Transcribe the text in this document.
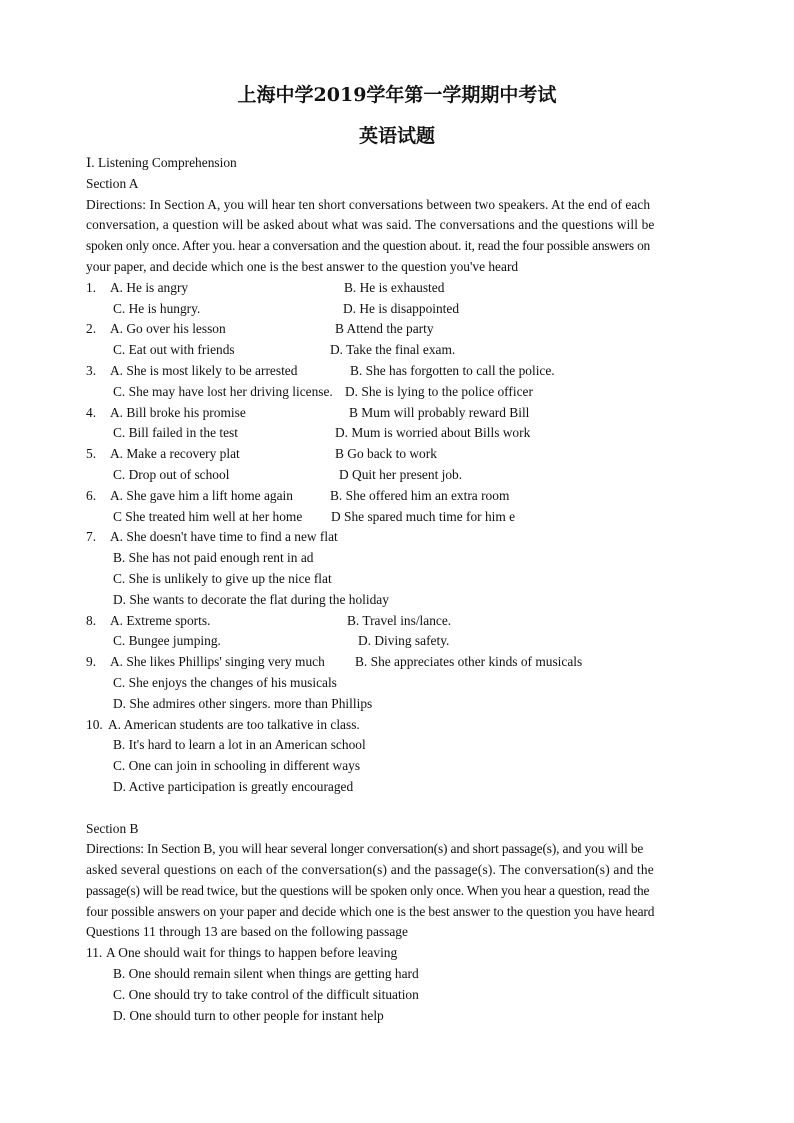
上海中学2019学年第一学期期中考试
英语试题
Ⅰ. Listening Comprehension
Section A
Directions: In Section A, you will hear ten short conversations between two speakers. At the end of each
conversation, a question will be asked about what was said. The conversations and the questions will be
spoken only once. After you. hear a conversation and the question about. it, read the four possible answers on
your paper, and decide which one is the best answer to the question you've heard
1.	A. He is angry	B. He is exhausted
C. He is hungry.	D. He is disappointed
2. A. Go over his lesson	B Attend the party
C. Eat out with friends	D. Take the final exam.
3. A. She is most likely to be arrested	B. She has forgotten to call the police.
C. She may have lost her driving license. D. She is lying to the police officer
4. A. Bill broke his promise	B Mum will probably reward Bill
C. Bill failed in the test	D. Mum is worried about Bills work
5. A. Make a recovery plat	B Go back to work
C. Drop out of school	D Quit her present job.
6. A. She gave him a lift home again	B. She offered him an extra room
C She treated him well at her home D She spared much time for him e
7. A. She doesn't have time to find a new flat
B. She has not paid enough rent in ad
C. She is unlikely to give up the nice flat
D. She wants to decorate the flat during the holiday
8. A. Extreme sports.	B. Travel ins/lance.
C. Bungee jumping.	D. Diving safety.
9. A. She likes Phillips' singing very much B. She appreciates other kinds of musicals
C. She enjoys the changes of his musicals
D. She admires other singers. more than Phillips
10. A. American students are too talkative in class.
B. It's hard to learn a lot in an American school
C. One can join in schooling in different ways
D. Active participation is greatly encouraged
Section B
Directions: In Section B, you will hear several longer conversation(s) and short passage(s), and you will be
asked several questions on each of the conversation(s) and the passage(s). The conversation(s) and the
passage(s) will be read twice, but the questions will be spoken only once. When you hear a question, read the
four possible answers on your paper and decide which one is the best answer to the question you have heard
Questions 11 through 13 are based on the following passage
11. A One should wait for things to happen before leaving
B. One should remain silent when things are getting hard
C. One should try to take control of the difficult situation
D. One should turn to other people for instant help
